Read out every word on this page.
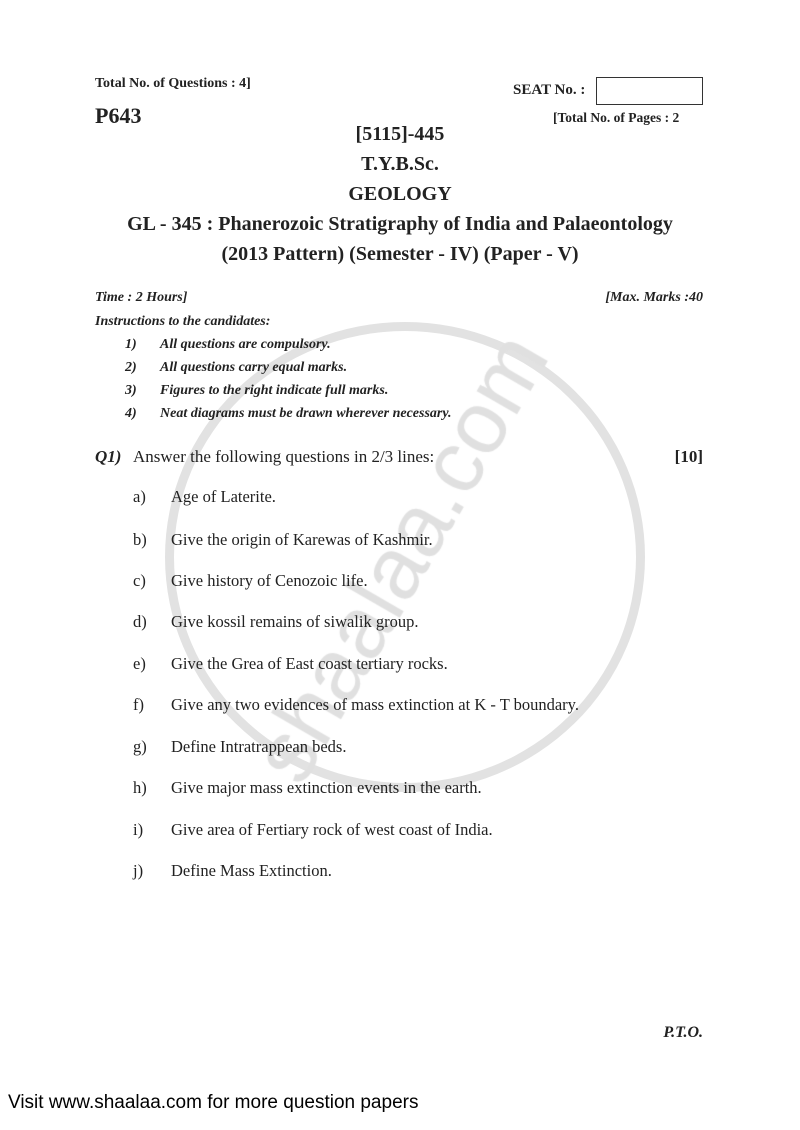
Total No. of Questions : 4]
P643
SEAT No. :
[Total No. of Pages : 2
[5115]-445
T.Y.B.Sc.
GEOLOGY
GL - 345 : Phanerozoic Stratigraphy of India and Palaeontology
(2013 Pattern) (Semester - IV) (Paper - V)
Time : 2 Hours]	[Max. Marks :40
Instructions to the candidates:
1) All questions are compulsory.
2) All questions carry equal marks.
3) Figures to the right indicate full marks.
4) Neat diagrams must be drawn wherever necessary.
Q1) Answer the following questions in 2/3 lines:	[10]
a) Age of Laterite.
b) Give the origin of Karewas of Kashmir.
c) Give history of Cenozoic life.
d) Give kossil remains of siwalik group.
e) Give the Grea of East coast tertiary rocks.
f) Give any two evidences of mass extinction at K - T boundary.
g) Define Intratrappean beds.
h) Give major mass extinction events in the earth.
i) Give area of Fertiary rock of west coast of India.
j) Define Mass Extinction.
P.T.O.
Visit www.shaalaa.com for more question papers
